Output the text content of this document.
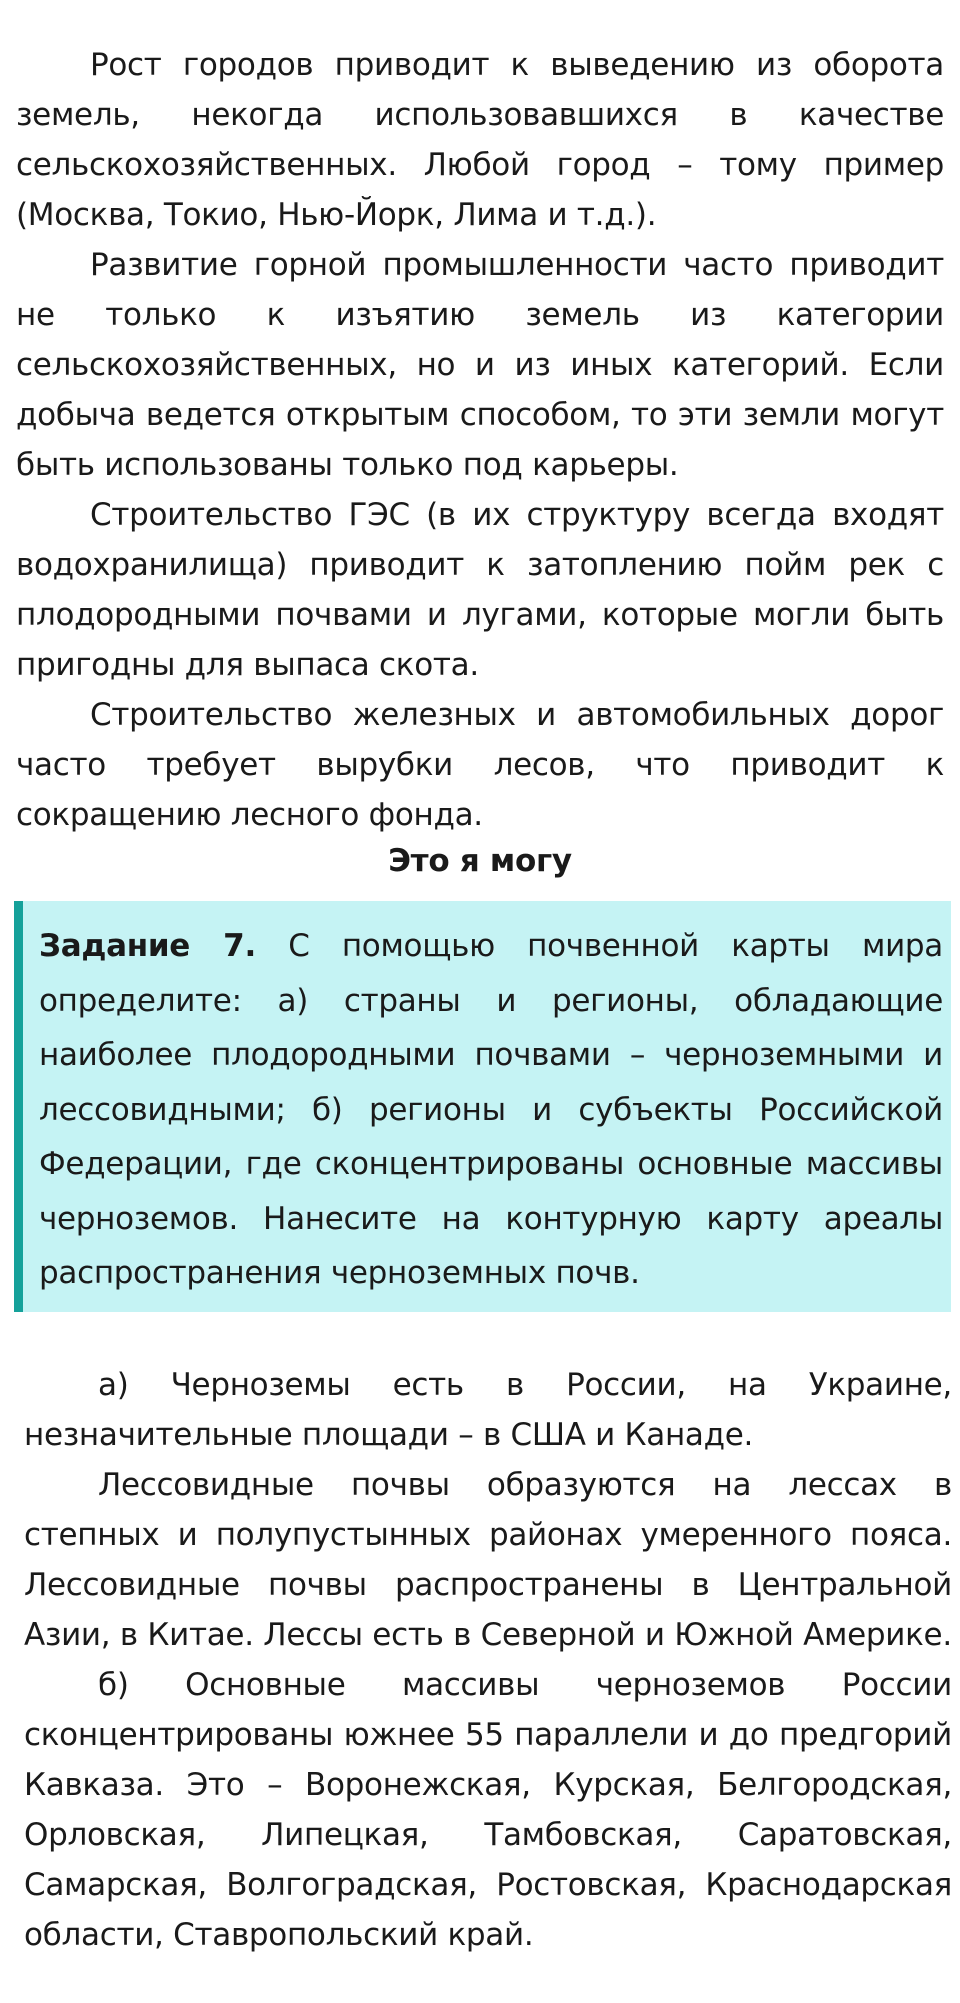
Рост городов приводит к выведению из оборота земель, некогда использовавшихся в качестве сельскохозяйственных. Любой город – тому пример (Москва, Токио, Нью-Йорк, Лима и т.д.).

Развитие горной промышленности часто приводит не только к изъятию земель из категории сельскохозяйственных, но и из иных категорий. Если добыча ведется открытым способом, то эти земли могут быть использованы только под карьеры.

Строительство ГЭС (в их структуру всегда входят водохранилища) приводит к затоплению пойм рек с плодородными почвами и лугами, которые могли быть пригодны для выпаса скота.

Строительство железных и автомобильных дорог часто требует вырубки лесов, что приводит к сокращению лесного фонда.

Это я могу

Задание 7. С помощью почвенной карты мира определите: а) страны и регионы, обладающие наиболее плодородными почвами – черноземными и лессовидными; б) регионы и субъекты Российской Федерации, где сконцентрированы основные массивы черноземов. Нанесите на контурную карту ареалы распространения черноземных почв.

а) Черноземы есть в России, на Украине, незначительные площади – в США и Канаде.

Лессовидные почвы образуются на лессах в степных и полупустынных районах умеренного пояса. Лессовидные почвы распространены в Центральной Азии, в Китае. Лессы есть в Северной и Южной Америке.

б) Основные массивы черноземов России сконцентрированы южнее 55 параллели и до предгорий Кавказа. Это – Воронежская, Курская, Белгородская, Орловская, Липецкая, Тамбовская, Саратовская, Самарская, Волгоградская, Ростовская, Краснодарская области, Ставропольский край.
